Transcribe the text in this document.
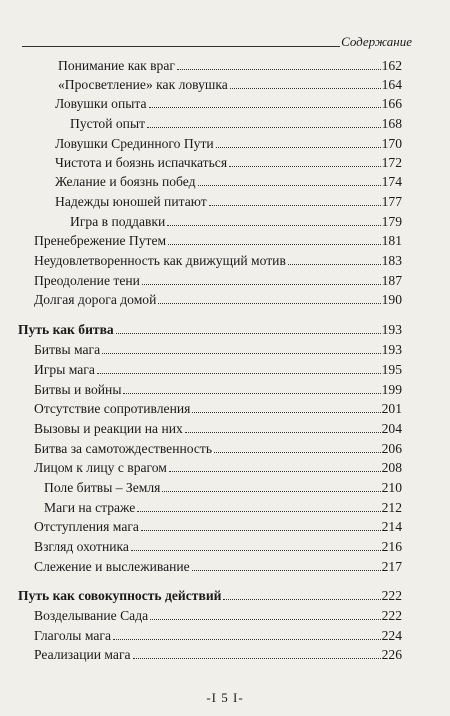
Содержание
Понимание как враг	162
«Просветление» как ловушка	164
Ловушки опыта	166
Пустой опыт	168
Ловушки Срединного Пути	170
Чистота и боязнь испачкаться	172
Желание и боязнь побед	174
Надежды юношей питают	177
Игра в поддавки	179
Пренебрежение Путем	181
Неудовлетворенность как движущий мотив	183
Преодоление тени	187
Долгая дорога домой	190
Путь как битва	193
Битвы мага	193
Игры мага	195
Битвы и войны	199
Отсутствие сопротивления	201
Вызовы и реакции на них	204
Битва за самотождественность	206
Лицом к лицу с врагом	208
Поле битвы – Земля	210
Маги на страже	212
Отступления мага	214
Взгляд охотника	216
Слежение и выслеживание	217
Путь как совокупность действий	222
Возделывание Сада	222
Глаголы мага	224
Реализации мага	226
-I 5 I-
